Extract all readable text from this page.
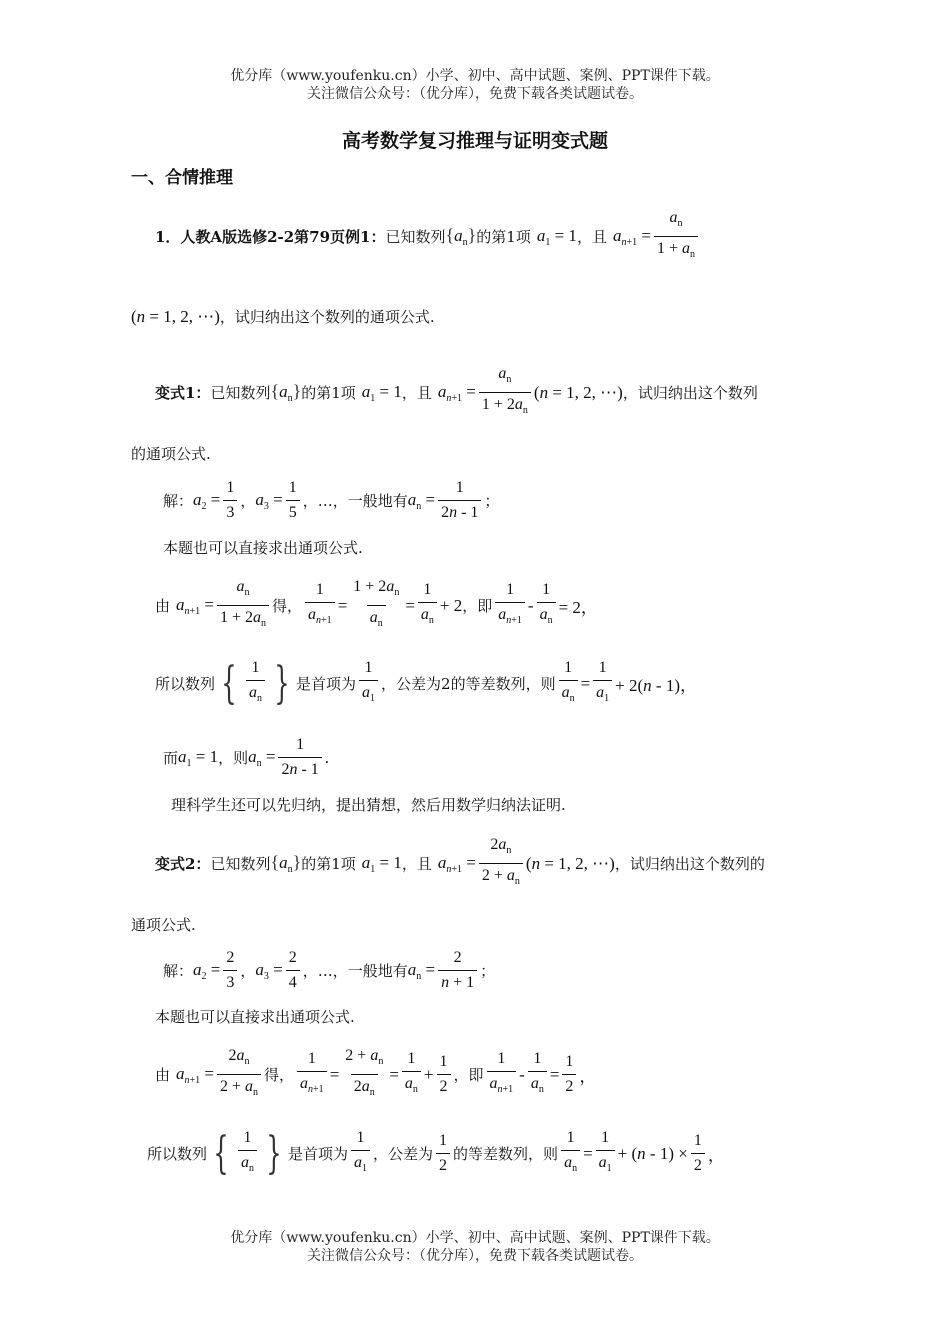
优分库（www.youfenku.cn）小学、初中、高中试题、案例、PPT课件下载。
关注微信公众号：（优分库），免费下载各类试题试卷。
高考数学复习推理与证明变式题
一、合情推理
1．人教A版选修2-2第79页例1： 已知数列 $\{a_n\}$ 的第1项 $a_1 = 1$ ，且 $a_{n+1} = \frac{a_n}{1 + a_n}$
(n = 1, 2, ⋯) ，试归纳出这个数列的通项公式.
变式1： 已知数列 $\{a_n\}$ 的第1项 $a_1 = 1$ ，且 $a_{n+1} = \frac{a_n}{1 + 2a_n} (n = 1$, 2, ⋯) ，试归纳出这个数列
的通项公式.
解： $a_2 = \frac{1}{3}$ ， $a_3 = \frac{1}{5}$ ，…，一般地有 $a_n = \frac{1}{2n - 1}$ ；
本题也可以直接求出通项公式.
由 $a_{n+1} = \frac{a_n}{1 + 2a_n}$ 得， $\frac{1}{a_{n+1}} = \frac{1 + 2a_n}{a_n} = \frac{1}{a_n} + 2$ ，即 $\frac{1}{a_{n+1}} - \frac{1}{a_n} = 2$，
所以数列 { $\frac{1}{a_n}$ } 是首项为 $\frac{1}{a_1}$ ，公差为2的等差数列，则 $\frac{1}{a_n} = \frac{1}{a_1} + 2(n - 1)$，
而 $a_1 = 1$ ，则 $a_n = \frac{1}{2n - 1}$ .
理科学生还可以先归纳，提出猜想，然后用数学归纳法证明.
变式2： 已知数列 $\{a_n\}$ 的第1项 $a_1 = 1$ ，且 $a_{n+1} = \frac{2a_n}{2 + a_n} (n = 1$, 2, ⋯) ，试归纳出这个数列的
通项公式.
解： $a_2 = \frac{2}{3}$ ， $a_3 = \frac{2}{4}$ ，…，一般地有 $a_n = \frac{2}{n + 1}$ ；
本题也可以直接求出通项公式.
由 $a_{n+1} = \frac{2a_n}{2 + a_n}$ 得， $\frac{1}{a_{n+1}} = \frac{2 + a_n}{2a_n} = \frac{1}{a_n} + \frac{1}{2}$ ，即 $\frac{1}{a_{n+1}} - \frac{1}{a_n} = \frac{1}{2}$ ，
所以数列 { $\frac{1}{a_n}$ } 是首项为 $\frac{1}{a_1}$ ，公差为 $\frac{1}{2}$ 的等差数列，则 $\frac{1}{a_n} = \frac{1}{a_1} + (n - 1) \times \frac{1}{2}$ ，
优分库（www.youfenku.cn）小学、初中、高中试题、案例、PPT课件下载。
关注微信公众号：（优分库），免费下载各类试题试卷。
